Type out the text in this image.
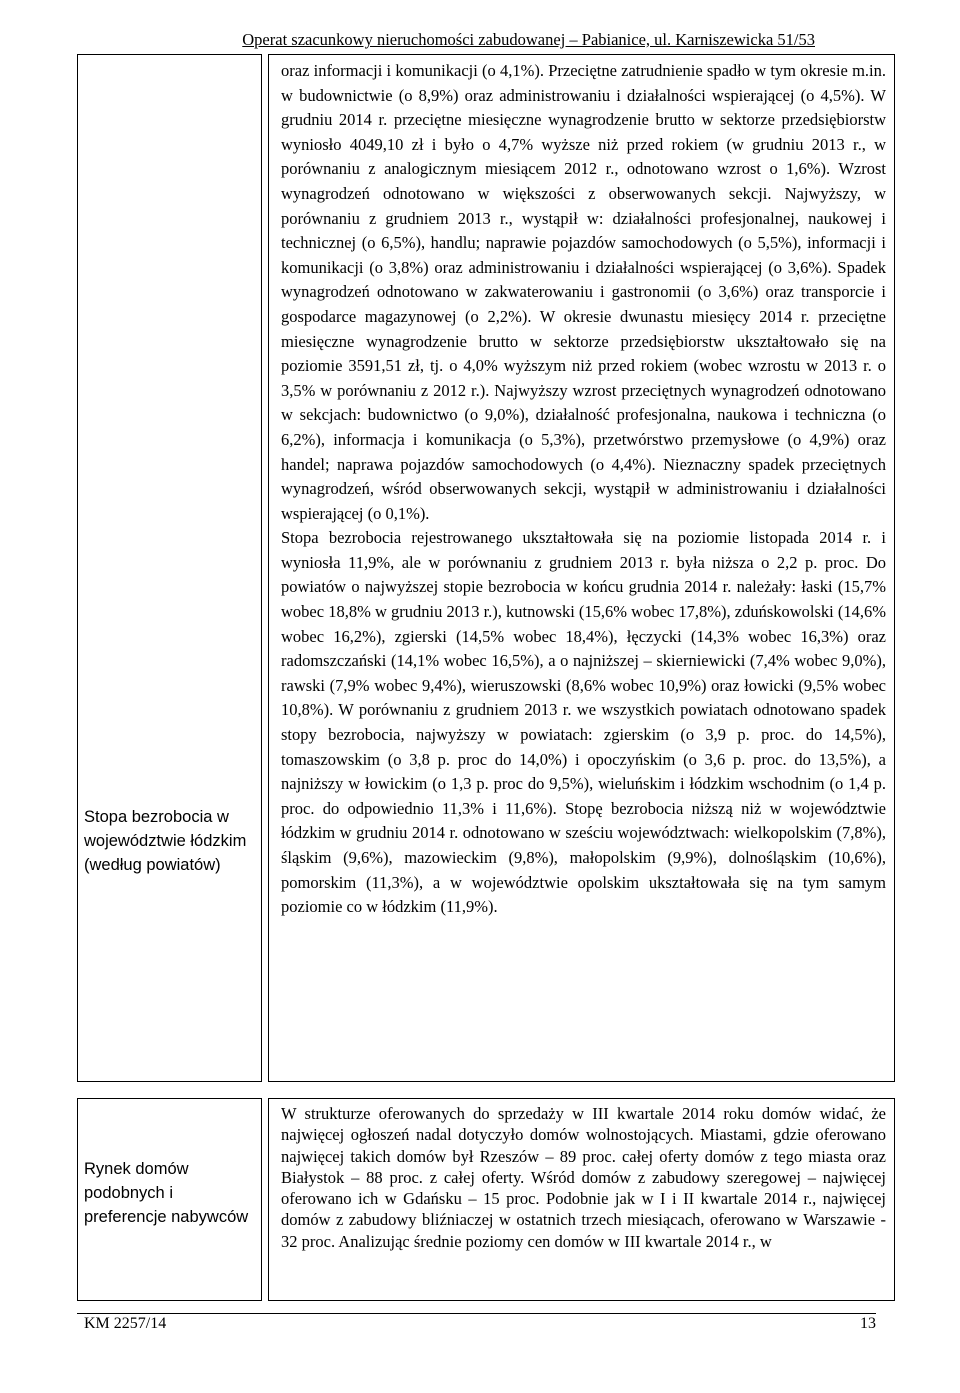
Operat szacunkowy nieruchomości zabudowanej – Pabianice, ul. Karniszewicka 51/53
Stopa bezrobocia w województwie łódzkim (według powiatów)

oraz informacji i komunikacji (o 4,1%). Przeciętne zatrudnienie spadło w tym okresie m.in. w budownictwie (o 8,9%) oraz administrowaniu i działalności wspierającej (o 4,5%). W grudniu 2014 r. przeciętne miesięczne wynagrodzenie brutto w sektorze przedsiębiorstw wyniosło 4049,10 zł i było o 4,7% wyższe niż przed rokiem (w grudniu 2013 r., w porównaniu z analogicznym miesiącem 2012 r., odnotowano wzrost o 1,6%). Wzrost wynagrodzeń odnotowano w większości z obserwowanych sekcji. Najwyższy, w porównaniu z grudniem 2013 r., wystąpił w: działalności profesjonalnej, naukowej i technicznej (o 6,5%), handlu; naprawie pojazdów samochodowych (o 5,5%), informacji i komunikacji (o 3,8%) oraz administrowaniu i działalności wspierającej (o 3,6%). Spadek wynagrodzeń odnotowano w zakwaterowaniu i gastronomii (o 3,6%) oraz transporcie i gospodarce magazynowej (o 2,2%). W okresie dwunastu miesięcy 2014 r. przeciętne miesięczne wynagrodzenie brutto w sektorze przedsiębiorstw ukształtowało się na poziomie 3591,51 zł, tj. o 4,0% wyższym niż przed rokiem (wobec wzrostu w 2013 r. o 3,5% w porównaniu z 2012 r.). Najwyższy wzrost przeciętnych wynagrodzeń odnotowano w sekcjach: budownictwo (o 9,0%), działalność profesjonalna, naukowa i techniczna (o 6,2%), informacja i komunikacja (o 5,3%), przetwórstwo przemysłowe (o 4,9%) oraz handel; naprawa pojazdów samochodowych (o 4,4%). Nieznaczny spadek przeciętnych wynagrodzeń, wśród obserwowanych sekcji, wystąpił w administrowaniu i działalności wspierającej (o 0,1%).

Stopa bezrobocia rejestrowanego ukształtowała się na poziomie listopada 2014 r. i wyniosła 11,9%, ale w porównaniu z grudniem 2013 r. była niższa o 2,2 p. proc. Do powiatów o najwyższej stopie bezrobocia w końcu grudnia 2014 r. należały: łaski (15,7% wobec 18,8% w grudniu 2013 r.), kutnowski (15,6% wobec 17,8%), zduńskowolski (14,6% wobec 16,2%), zgierski (14,5% wobec 18,4%), łęczycki (14,3% wobec 16,3%) oraz radomszczański (14,1% wobec 16,5%), a o najniższej – skierniewicki (7,4% wobec 9,0%), rawski (7,9% wobec 9,4%), wieruszowski (8,6% wobec 10,9%) oraz łowicki (9,5% wobec 10,8%). W porównaniu z grudniem 2013 r. we wszystkich powiatach odnotowano spadek stopy bezrobocia, najwyższy w powiatach: zgierskim (o 3,9 p. proc. do 14,5%), tomaszowskim (o 3,8 p. proc do 14,0%) i opoczyńskim (o 3,6 p. proc. do 13,5%), a najniższy w łowickim (o 1,3 p. proc do 9,5%), wieluńskim i łódzkim wschodnim (o 1,4 p. proc. do odpowiednio 11,3% i 11,6%). Stopę bezrobocia niższą niż w województwie łódzkim w grudniu 2014 r. odnotowano w sześciu województwach: wielkopolskim (7,8%), śląskim (9,6%), mazowieckim (9,8%), małopolskim (9,9%), dolnośląskim (10,6%), pomorskim (11,3%), a w województwie opolskim ukształtowała się na tym samym poziomie co w łódzkim (11,9%).

Rynek domów podobnych i preferencje nabywców

W strukturze oferowanych do sprzedaży w III kwartale 2014 roku domów widać, że najwięcej ogłoszeń nadal dotyczyło domów wolnostojących. Miastami, gdzie oferowano najwięcej takich domów był Rzeszów – 89 proc. całej oferty domów z tego miasta oraz Białystok – 88 proc. z całej oferty. Wśród domów z zabudowy szeregowej – najwięcej oferowano ich w Gdańsku – 15 proc. Podobnie jak w I i II kwartale 2014 r., najwięcej domów z zabudowy bliźniaczej w ostatnich trzech miesiącach, oferowano w Warszawie - 32 proc. Analizując średnie poziomy cen domów w III kwartale 2014 r., w

KM 2257/14	13
